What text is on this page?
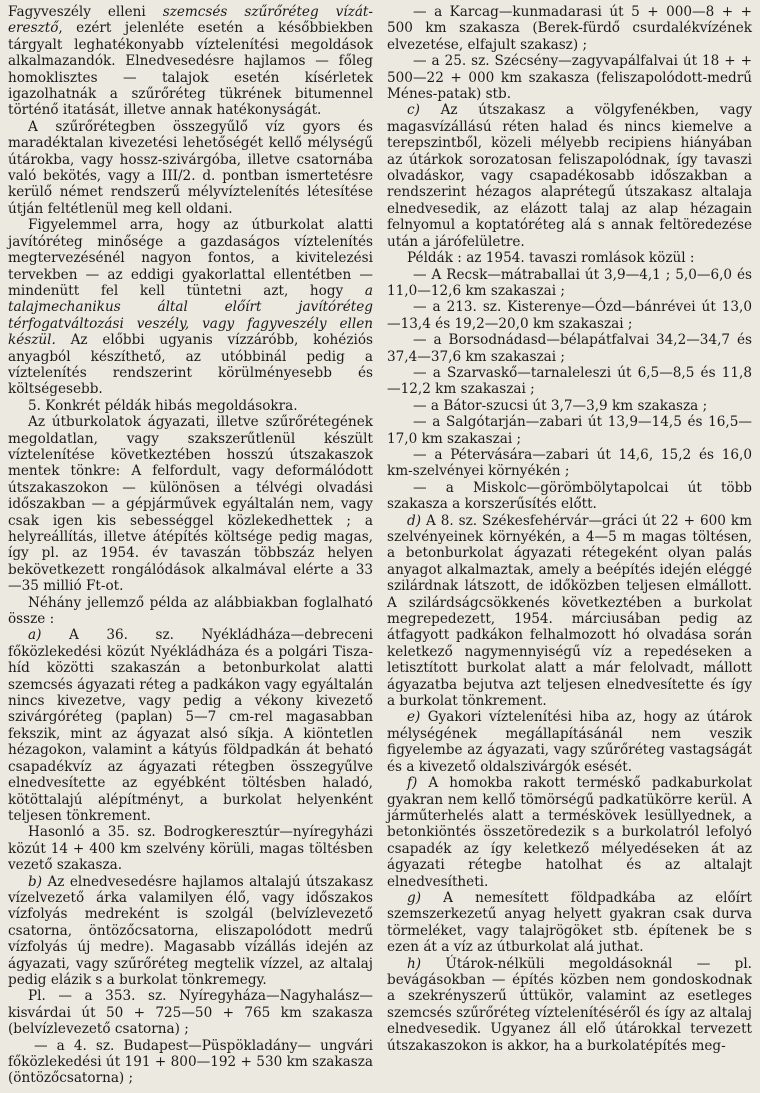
Fagyveszély elleni szemcsés szűrőréteg vízát-eresztő, ezért jelenléte esetén a későbbiekben tárgyalt leghatékonyabb víztelenítési megoldások alkalmazandók. Elnedvesedésre hajlamos — főleg homoklisztes — talajok esetén kísérletek igazolhatnák a szűrőréteg tükrének bitumennel történő itatását, illetve annak hatékonyságát.

A szűrőrétegben összegyűlő víz gyors és maradéktalan kivezetési lehetőségét kellő mélységű útárokba, vagy hossz-szivárgóba, illetve csatornába való bekötés, vagy a III/2. d. pontban ismertetésre kerülő német rendszerű mélyvíztelenítés létesítése útján feltétlenül meg kell oldani.

Figyelemmel arra, hogy az útburkolat alatti javítóréteg minősége a gazdaságos víztelenítés megtervezésénél nagyon fontos, a kivitelezési tervekben — az eddigi gyakorlattal ellentétben — mindenütt fel kell tüntetni azt, hogy a talajmechanikus által előírt javítóréteg térfogatváltozási veszély, vagy fagyveszély ellen készül. Az előbbi ugyanis vízzáróbb, kohéziós anyagból készíthető, az utóbbinál pedig a víztelenítés rendszerint körülményesebb és költségesebb.

5. Konkrét példák hibás megoldásokra.

Az útburkolatok ágyazati, illetve szűrőrétegének megoldatlan, vagy szakszerűtlenül készült víztelenítése következtében hosszú útszakaszok mentek tönkre: A felfordult, vagy deformálódott útszakaszokon — különösen a télvégi olvadási időszakban — a gépjárművek egyáltalán nem, vagy csak igen kis sebességgel közlekedhettek ; a helyreállítás, illetve átépítés költsége pedig magas, így pl. az 1954. év tavaszán többszáz helyen bekövetkezett rongálódások alkalmával elérte a 33—35 millió Ft-ot.

Néhány jellemző példa az alábbiakban foglalható össze :

a) A 36. sz. Nyékládháza—debreceni főközlekedési közút Nyékládháza és a polgári Tisza-híd közötti szakaszán a betonburkolat alatti szemcsés ágyazati réteg a padkákon vagy egyáltalán nincs kivezetve, vagy pedig a vékony kivezető szivárgóréteg (paplan) 5—7 cm-rel magasabban fekszik, mint az ágyazat alsó síkja. A kiöntetlen hézagokon, valamint a kátyús földpadkán át beható csapadékvíz az ágyazati rétegben összegyűlve elnedvesítette az egyébként töltésben haladó, kötöttalajú alépítményt, a burkolat helyenként teljesen tönkrement.

Hasonló a 35. sz. Bodrogkeresztúr—nyíregyházi közút 14 + 400 km szelvény körüli, magas töltésben vezető szakasza.

b) Az elnedvesedésre hajlamos altalajú útszakasz vízelvezető árka valamilyen élő, vagy időszakos vízfolyás medreként is szolgál (belvízlevezető csatorna, öntözőcsatorna, eliszapolódott medrű vízfolyás új medre). Magasabb vízállás idején az ágyazati, vagy szűrőréteg megtelik vízzel, az altalaj pedig elázik s a burkolat tönkremegy.

Pl. — a 353. sz. Nyíregyháza—Nagyhalász—kisvárdai út 50 + 725—50 + 765 km szakasza (belvízlevezető csatorna) ;

— a 4. sz. Budapest—Püspökladány— ungvári főközlekedési út 191 + 800—192 + 530 km szakasza (öntözőcsatorna) ;

— a Karcag—kunmadarasi út 5 + 000—8 + + 500 km szakasza (Berek-fürdő csurdalékvízének elvezetése, elfajult szakasz) ;

— a 25. sz. Szécsény—zagyvapálfalvai út 18 + + 500—22 + 000 km szakasza (feliszapolódott-medrű Ménes-patak) stb.

c) Az útszakasz a völgyfenékben, vagy magasvízállású réten halad és nincs kiemelve a terepszintből, közeli mélyebb recipiens hiányában az útárkok sorozatosan feliszapolódnak, így tavaszi olvadáskor, vagy csapadékosabb időszakban a rendszerint hézagos alaprétegű útszakasz altalaja elnedvesedik, az elázott talaj az alap hézagain felnyomul a koptatóréteg alá s annak feltöredezése után a járófelületre.

Példák : az 1954. tavaszi romlások közül :

— A Recsk—mátraballai út 3,9—4,1 ; 5,0—6,0 és 11,0—12,6 km szakaszai ;

— a 213. sz. Kisterenye—Ózd—bánrévei út 13,0—13,4 és 19,2—20,0 km szakaszai ;

— a Borsodnádasd—bélapátfalvai 34,2—34,7 és 37,4—37,6 km szakaszai ;

— a Szarvaskő—tarnaleleszi út 6,5—8,5 és 11,8—12,2 km szakaszai ;

— a Bátor-szucsi út 3,7—3,9 km szakasza ;

— a Salgótarján—zabari út 13,9—14,5 és 16,5—17,0 km szakaszai ;

— a Pétervására—zabari út 14,6, 15,2 és 16,0 km-szelvényei környékén ;

— a Miskolc—görömbölytapolcai út több szakasza a korszerűsítés előtt.

d) A 8. sz. Székesfehérvár—gráci út 22 + 600 km szelvényeinek környékén, a 4—5 m magas töltésen, a betonburkolat ágyazati rétegeként olyan palás anyagot alkalmaztak, amely a beépítés idején eléggé szilárdnak látszott, de időközben teljesen elmállott. A szilárdságcsökkenés következtében a burkolat megrepedezett, 1954. márciusában pedig az átfagyott padkákon felhalmozott hó olvadása során keletkező nagymennyiségű víz a repedéseken a letisztított burkolat alatt a már felolvadt, mállott ágyazatba bejutva azt teljesen elnedvesítette és így a burkolat tönkrement.

e) Gyakori víztelenítési hiba az, hogy az útárok mélységének megállapításánál nem veszik figyelembe az ágyazati, vagy szűrőréteg vastagságát és a kivezető oldalszivárgók esését.

f) A homokba rakott terméskő padkaburkolat gyakran nem kellő tömörségű padkatükörre kerül. A járműterhelés alatt a terméskövek lesüllyednek, a betonkiöntés összetöredezik s a burkolatról lefolyó csapadék az így keletkező mélyedéseken át az ágyazati rétegbe hatolhat és az altalajt elnedvesítheti.

g) A nemesített földpadkába az előírt szemszerkezetű anyag helyett gyakran csak durva törmeléket, vagy talajrögöket stb. építenek be s ezen át a víz az útburkolat alá juthat.

h) Útárok-nélküli megoldásoknál — pl. bevágásokban — építés közben nem gondoskodnak a szekrényszerű úttükör, valamint az esetleges szemcsés szűrőréteg víztelenítéséről és így az altalaj elnedvesedik. Ugyanez áll elő útárokkal tervezett útszakaszokon is akkor, ha a burkolatépítés meg-
